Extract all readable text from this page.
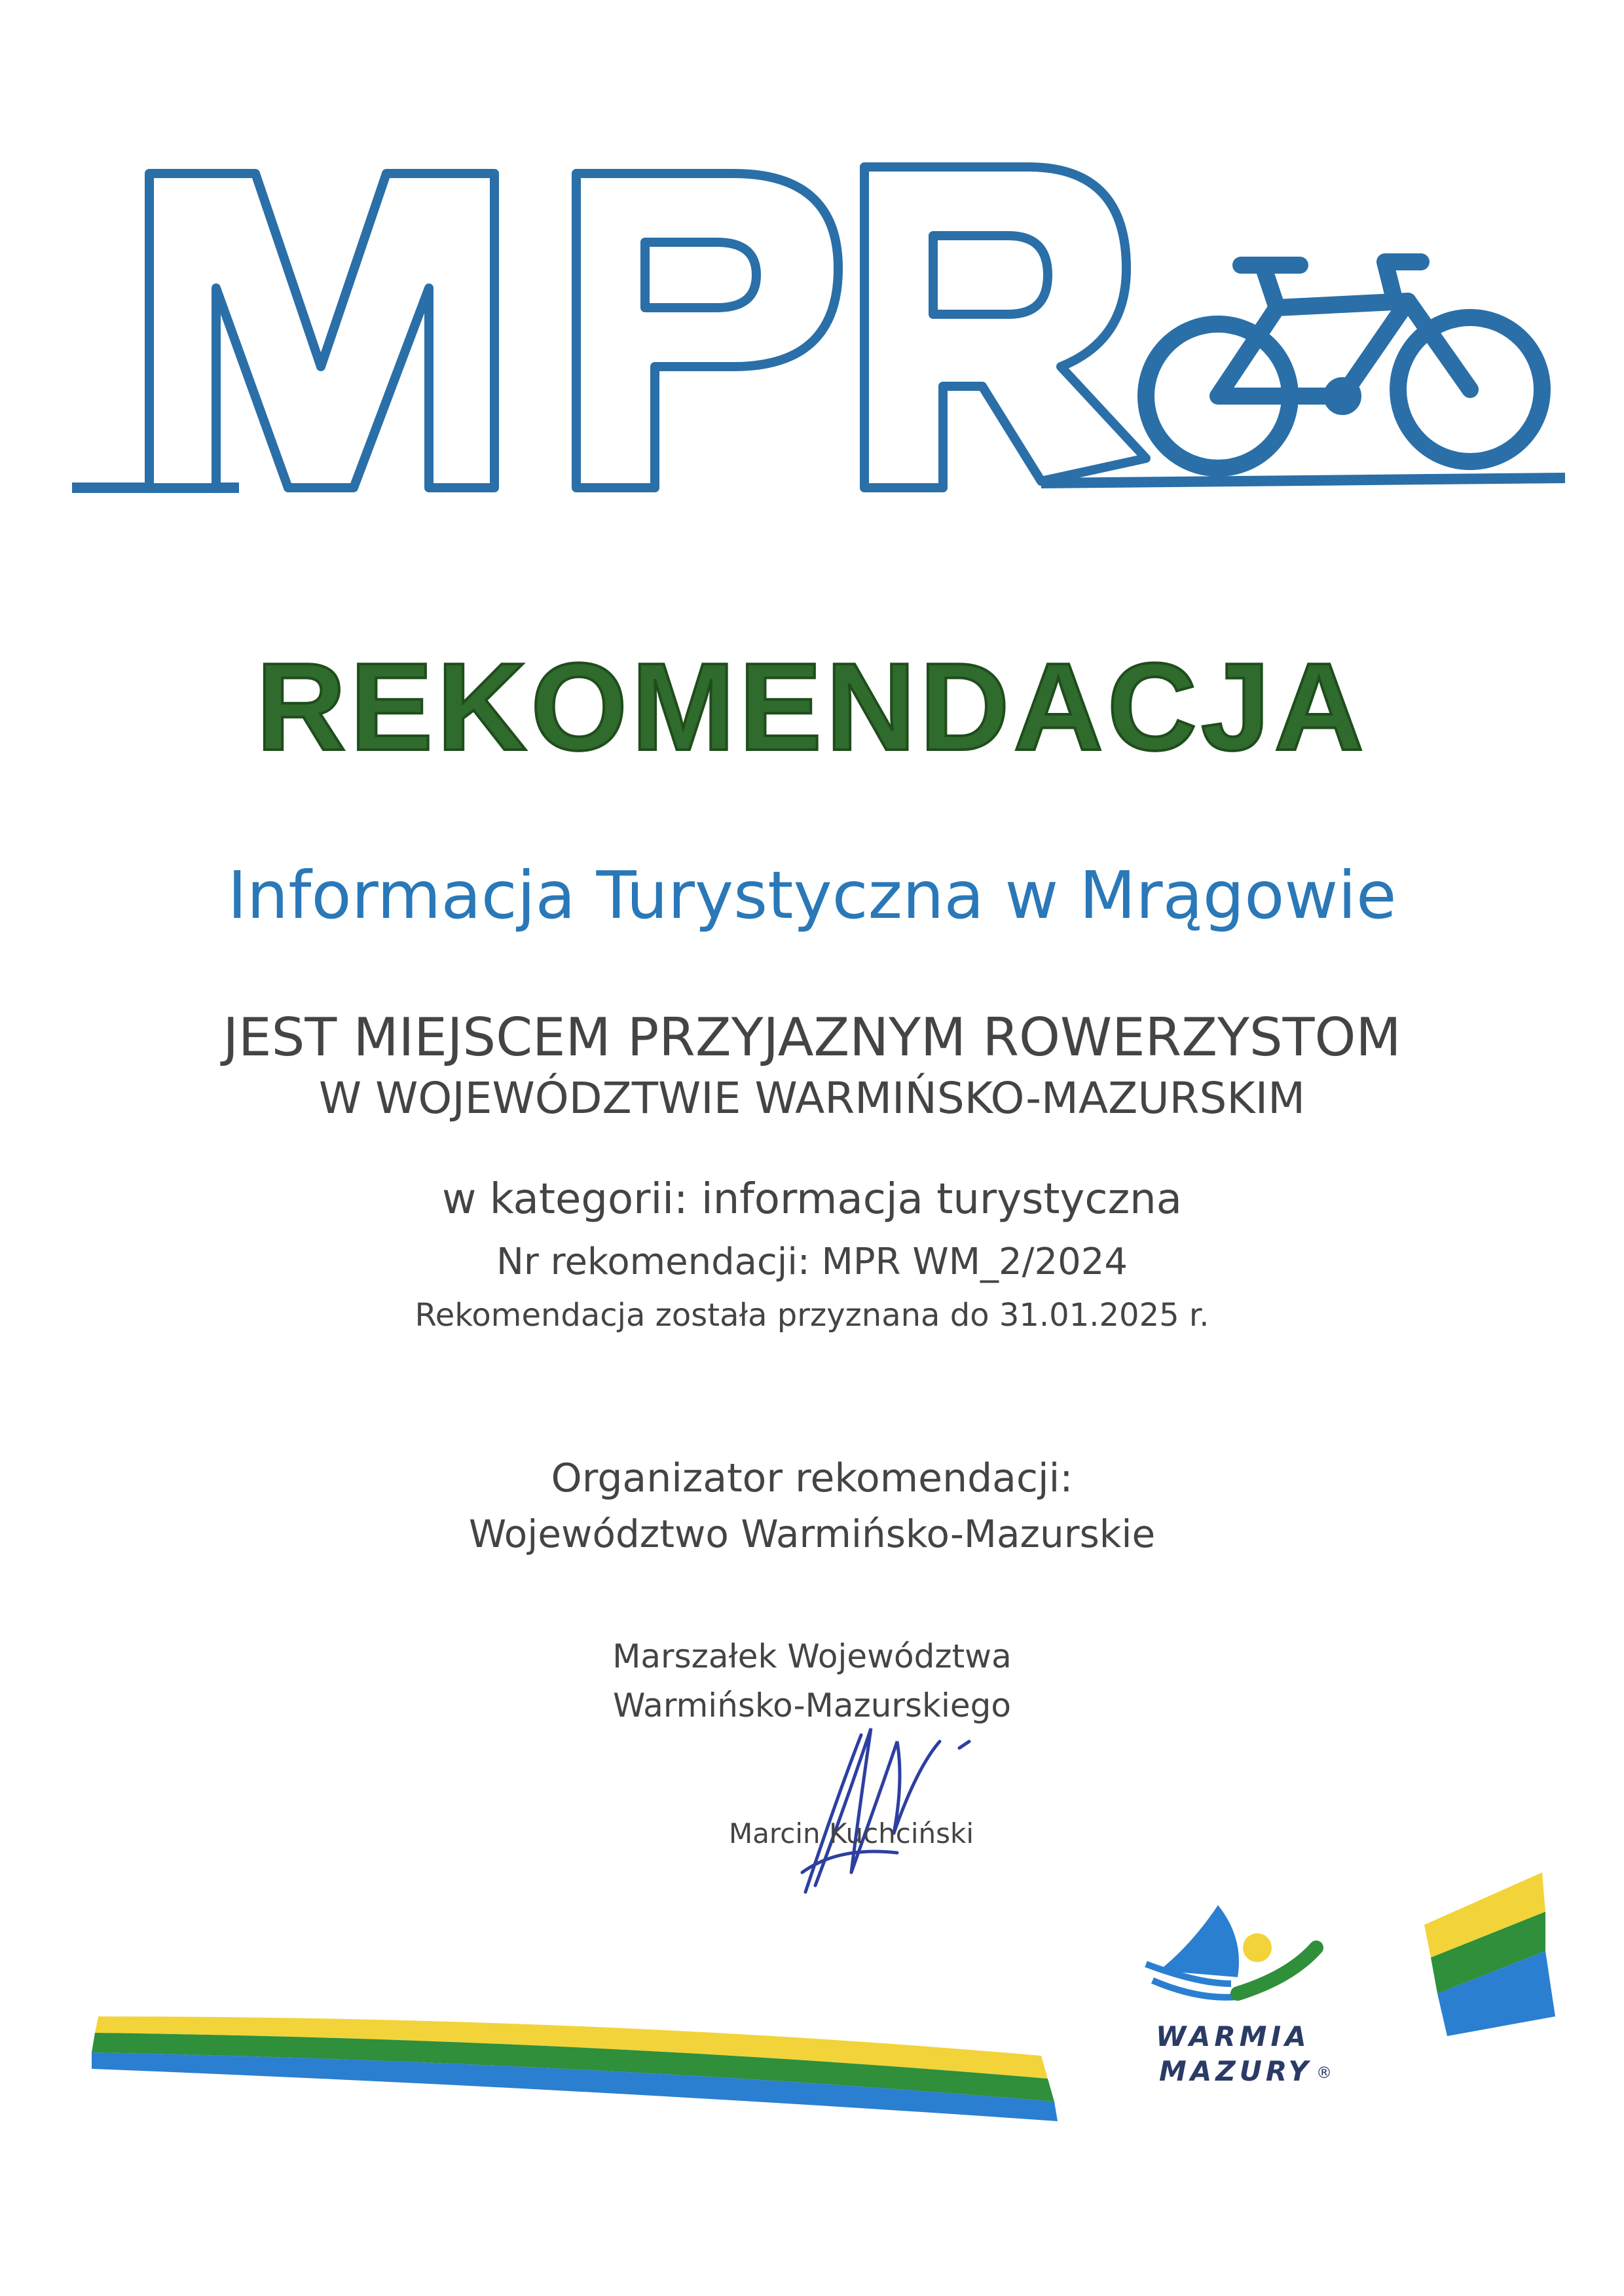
REKOMENDACJA
Informacja Turystyczna w Mrągowie
JEST MIEJSCEM PRZYJAZNYM ROWERZYSTOM
W WOJEWÓDZTWIE WARMIŃSKO-MAZURSKIM
w kategorii: informacja turystyczna
Nr rekomendacji: MPR WM_2/2024
Rekomendacja została przyznana do 31.01.2025 r.
Organizator rekomendacji:
Województwo Warmińsko-Mazurskie
Marszałek Województwa
Warmińsko-Mazurskiego
Marcin Kuchciński
WARMIA
MAZURY ®
